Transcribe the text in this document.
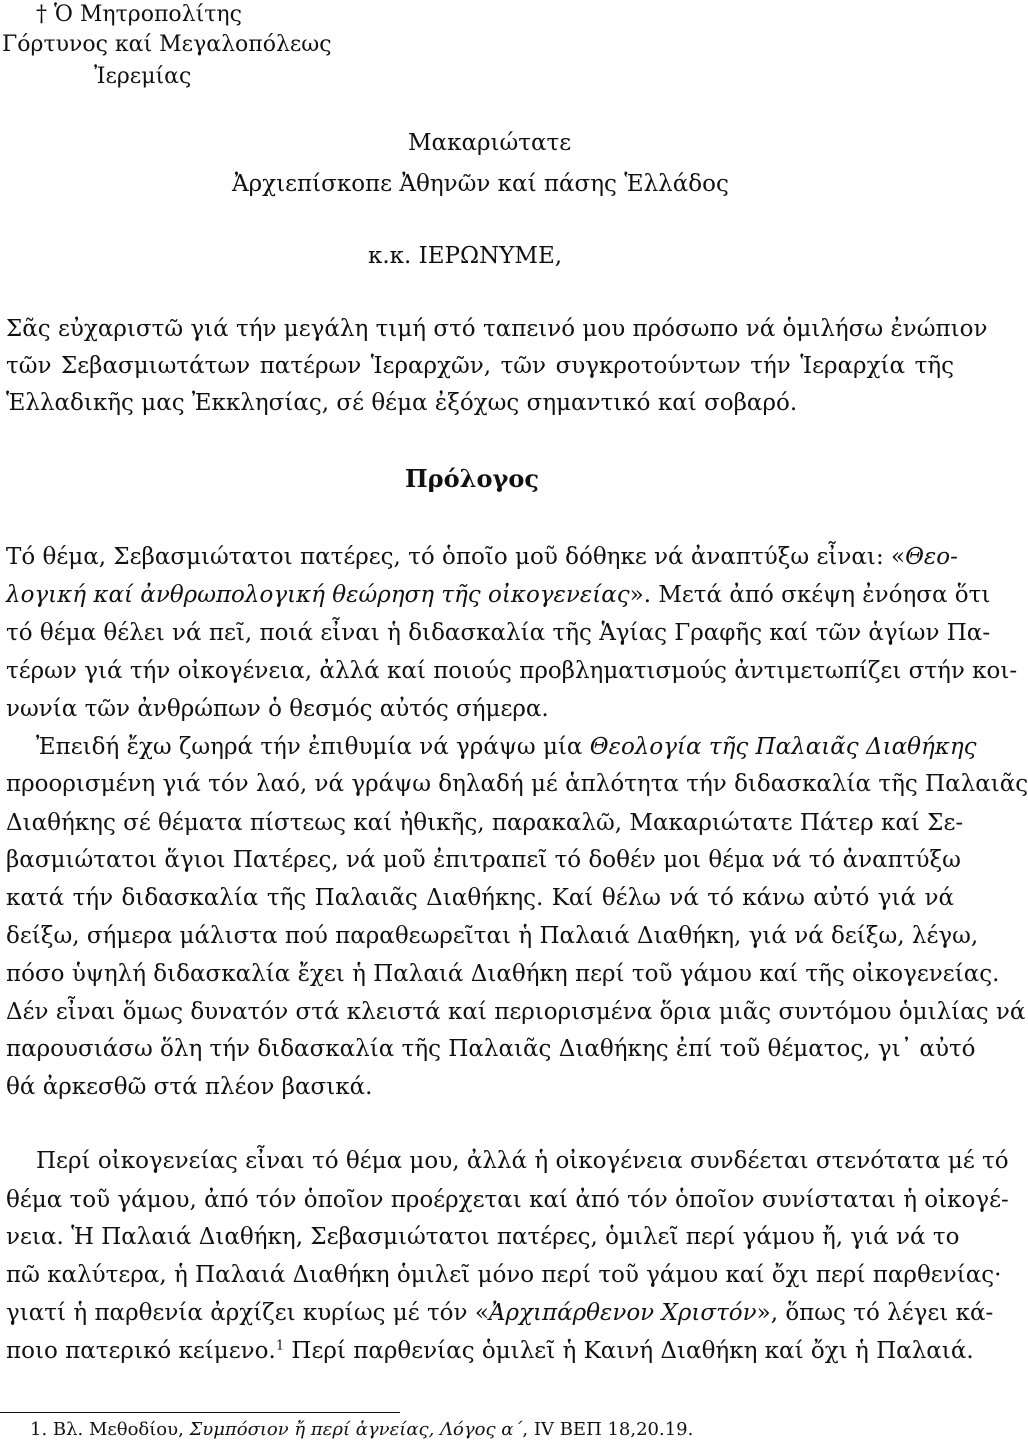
† Ὁ Μητροπολίτης
Γόρτυνος καί Μεγαλοπόλεως
Ἰερεμίας
Μακαριώτατε
Ἀρχιεπίσκοπε Ἀθηνῶν καί πάσης Ἑλλάδος
κ.κ. ΙΕΡΩΝΥΜΕ,
Σᾶς εὐχαριστῶ γιά τήν μεγάλη τιμή στό ταπεινό μου πρόσωπο νά ὁμιλήσω ἐνώπιον
τῶν Σεβασμιωτάτων πατέρων Ἱεραρχῶν, τῶν συγκροτούντων τήν Ἱεραρχία τῆς
Ἑλλαδικῆς μας Ἐκκλησίας, σέ θέμα ἐξόχως σημαντικό καί σοβαρό.
Πρόλογος
Τό θέμα, Σεβασμιώτατοι πατέρες, τό ὁποῖο μοῦ δόθηκε νά ἀναπτύξω εἶναι: «Θεο-
λογική καί ἀνθρωπολογική θεώρηση τῆς οἰκογενείας». Μετά ἀπό σκέψη ἐνόησα ὅτι
τό θέμα θέλει νά πεῖ, ποιά εἶναι ἡ διδασκαλία τῆς Ἁγίας Γραφῆς καί τῶν ἁγίων Πα-
τέρων γιά τήν οἰκογένεια, ἀλλά καί ποιούς προβληματισμούς ἀντιμετωπίζει στήν κοι-
νωνία τῶν ἀνθρώπων ὁ θεσμός αὐτός σήμερα.
Ἐπειδή ἔχω ζωηρά τήν ἐπιθυμία νά γράψω μία Θεολογία τῆς Παλαιᾶς Διαθήκης
προορισμένη γιά τόν λαό, νά γράψω δηλαδή μέ ἁπλότητα τήν διδασκαλία τῆς Παλαιᾶς
Διαθήκης σέ θέματα πίστεως καί ἠθικῆς, παρακαλῶ, Μακαριώτατε Πάτερ καί Σε-
βασμιώτατοι ἅγιοι Πατέρες, νά μοῦ ἐπιτραπεῖ τό δοθέν μοι θέμα νά τό ἀναπτύξω
κατά τήν διδασκαλία τῆς Παλαιᾶς Διαθήκης. Καί θέλω νά τό κάνω αὐτό γιά νά
δείξω, σήμερα μάλιστα πού παραθεωρεῖται ἡ Παλαιά Διαθήκη, γιά νά δείξω, λέγω,
πόσο ὑψηλή διδασκαλία ἔχει ἡ Παλαιά Διαθήκη περί τοῦ γάμου καί τῆς οἰκογενείας.
Δέν εἶναι ὅμως δυνατόν στά κλειστά καί περιορισμένα ὅρια μιᾶς συντόμου ὁμιλίας νά
παρουσιάσω ὅλη τήν διδασκαλία τῆς Παλαιᾶς Διαθήκης ἐπί τοῦ θέματος, γι᾽ αὐτό
θά ἀρκεσθῶ στά πλέον βασικά.
Περί οἰκογενείας εἶναι τό θέμα μου, ἀλλά ἡ οἰκογένεια συνδέεται στενότατα μέ τό
θέμα τοῦ γάμου, ἀπό τόν ὁποῖον προέρχεται καί ἀπό τόν ὁποῖον συνίσταται ἡ οἰκογέ-
νεια. Ἡ Παλαιά Διαθήκη, Σεβασμιώτατοι πατέρες, ὁμιλεῖ περί γάμου ἤ, γιά νά το
πῶ καλύτερα, ἡ Παλαιά Διαθήκη ὁμιλεῖ μόνο περί τοῦ γάμου καί ὄχι περί παρθενίας·
γιατί ἡ παρθενία ἀρχίζει κυρίως μέ τόν «Ἀρχιπάρθενον Χριστόν», ὅπως τό λέγει κά-
ποιο πατερικό κείμενο.$^1$ Περί παρθενίας ὁμιλεῖ ἡ Καινή Διαθήκη καί ὄχι ἡ Παλαιά.
1. Βλ. Μεθοδίου, Συμπόσιον ἤ περί ἁγνείας, Λόγος α´, IV ΒΕΠ 18,20.19.
